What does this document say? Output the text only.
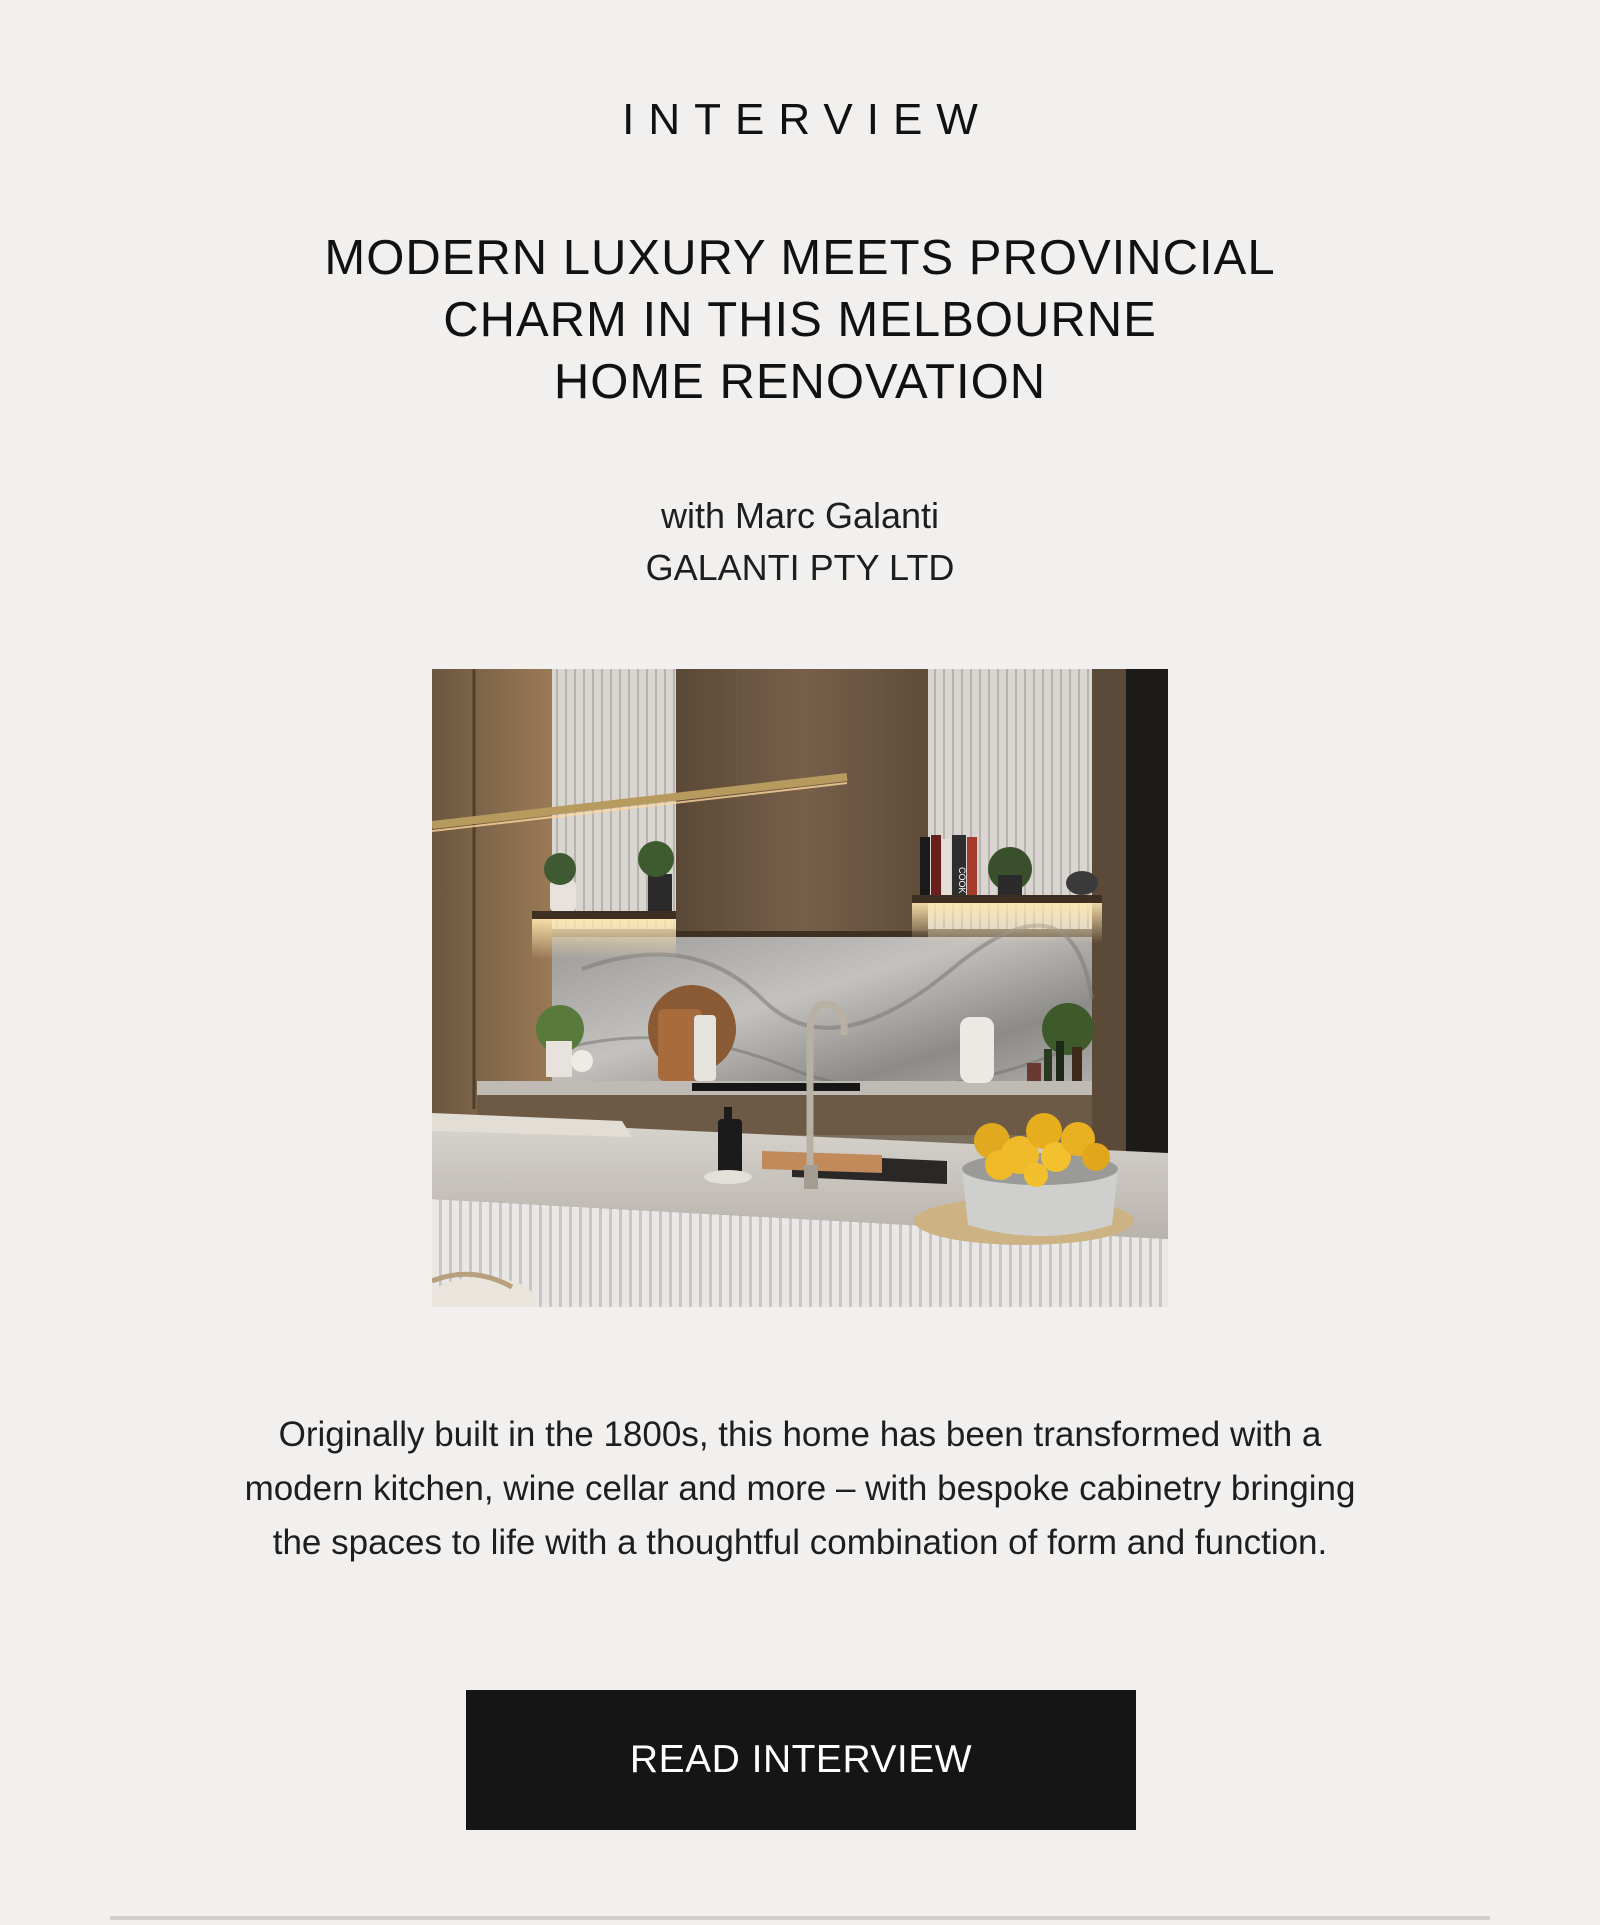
INTERVIEW
MODERN LUXURY MEETS PROVINCIAL
CHARM IN THIS MELBOURNE
HOME RENOVATION
with Marc Galanti
GALANTI PTY LTD
COOK

Originally built in the 1800s, this home has been transformed with a
modern kitchen, wine cellar and more – with bespoke cabinetry bringing
the spaces to life with a thoughtful combination of form and function.

READ INTERVIEW
